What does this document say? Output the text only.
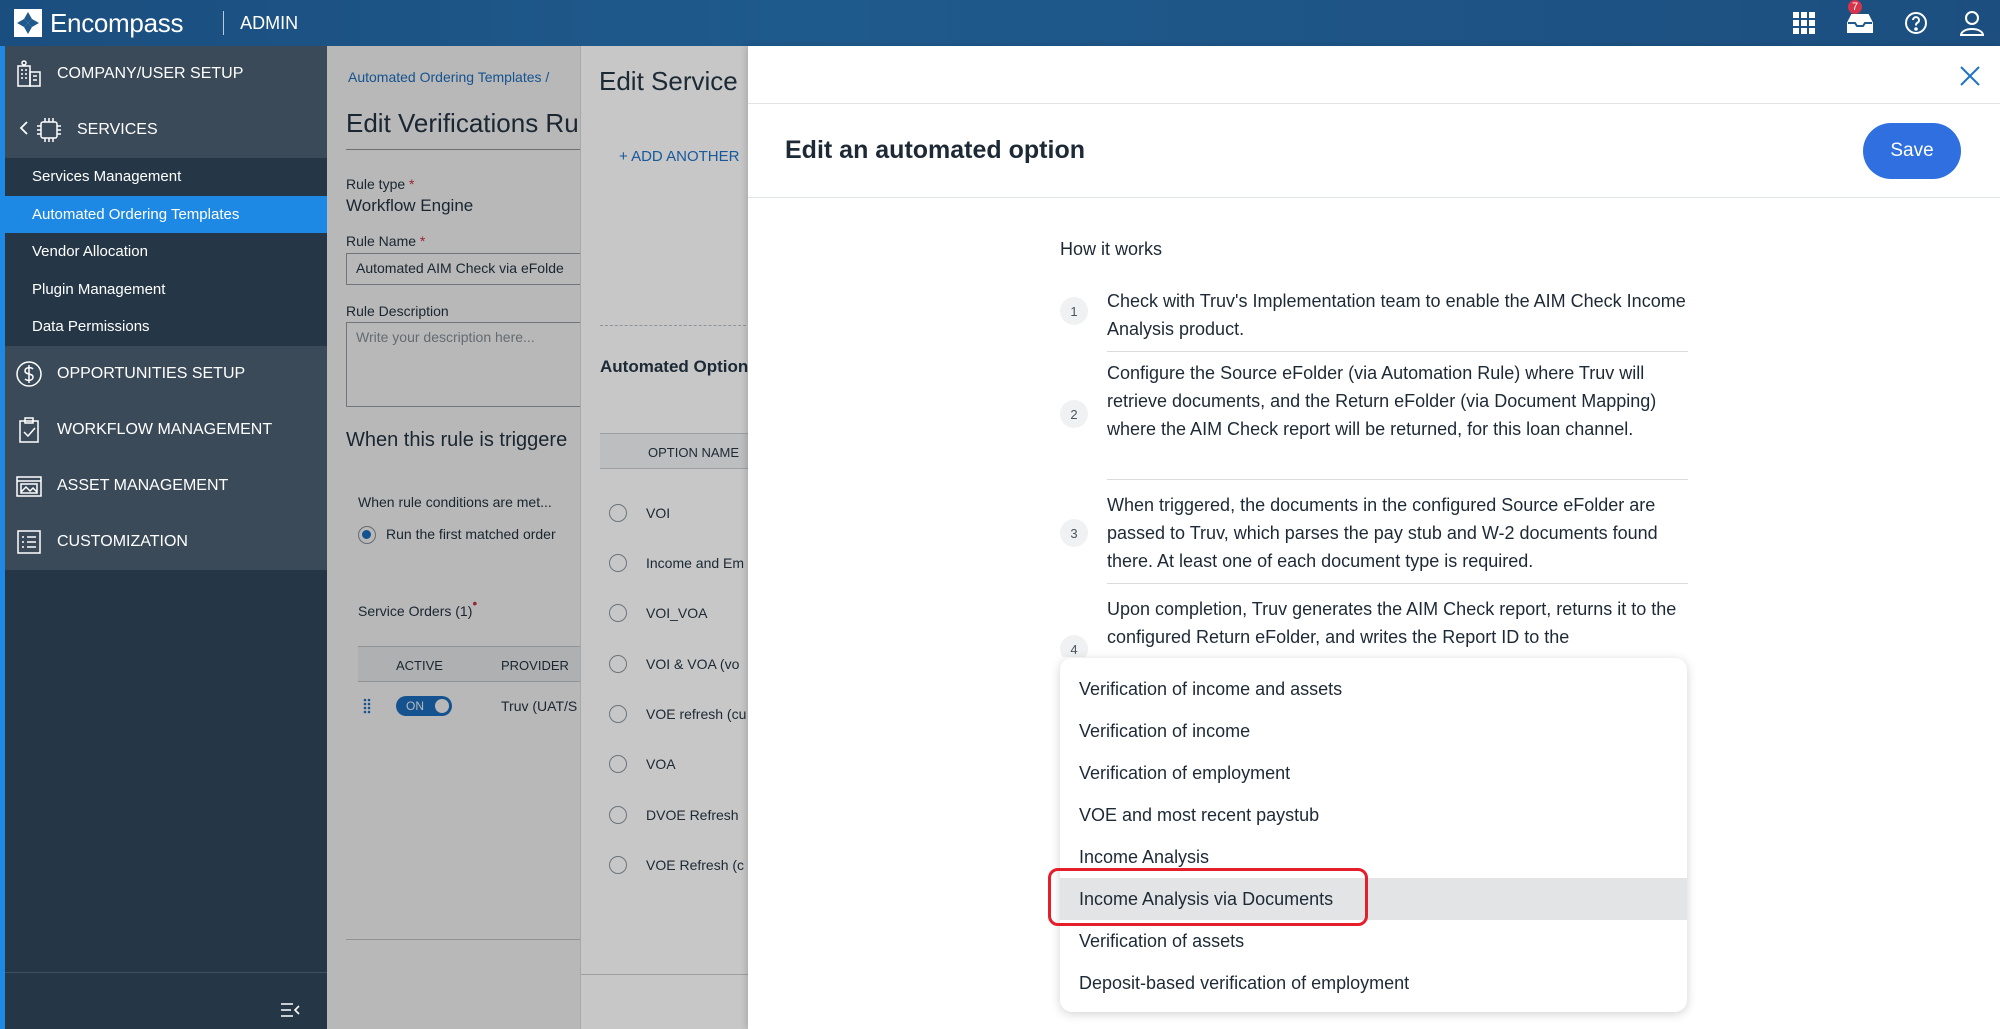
Encompass	ADMIN
7
COMPANY/USER SETUP
SERVICES
Services Management
Automated Ordering Templates
Vendor Allocation
Plugin Management
Data Permissions
OPPORTUNITIES SETUP
WORKFLOW MANAGEMENT
ASSET MANAGEMENT
CUSTOMIZATION
Automated Ordering Templates /
Edit Verifications Ru
Rule type *
Workflow Engine
Rule Name *
Automated AIM Check via eFolde
Rule Description
Write your description here...
When this rule is triggere
When rule conditions are met...
Run the first matched order
Service Orders (1)•
ACTIVE	PROVIDER
ON	Truv (UAT/S
Edit Service
+ ADD ANOTHER
Automated Option
OPTION NAME
VOI
Income and Em
VOI_VOA
VOI & VOA (vo
VOE refresh (cu
VOA
DVOE Refresh
VOE Refresh (c
Edit an automated option	Save
How it works
1	Check with Truv's Implementation team to enable the AIM Check Income Analysis product.
2
Configure the Source eFolder (via Automation Rule) where Truv will retrieve documents, and the Return eFolder (via Document Mapping) where the AIM Check report will be returned, for this loan channel.
3
When triggered, the documents in the configured Source eFolder are passed to Truv, which parses the pay stub and W-2 documents found there. At least one of each document type is required.
4
Upon completion, Truv generates the AIM Check report, returns it to the configured Return eFolder, and writes the Report ID to the
Verification of income and assets
Verification of income
Verification of employment
VOE and most recent paystub
Income Analysis
Income Analysis via Documents
Verification of assets
Deposit-based verification of employment
